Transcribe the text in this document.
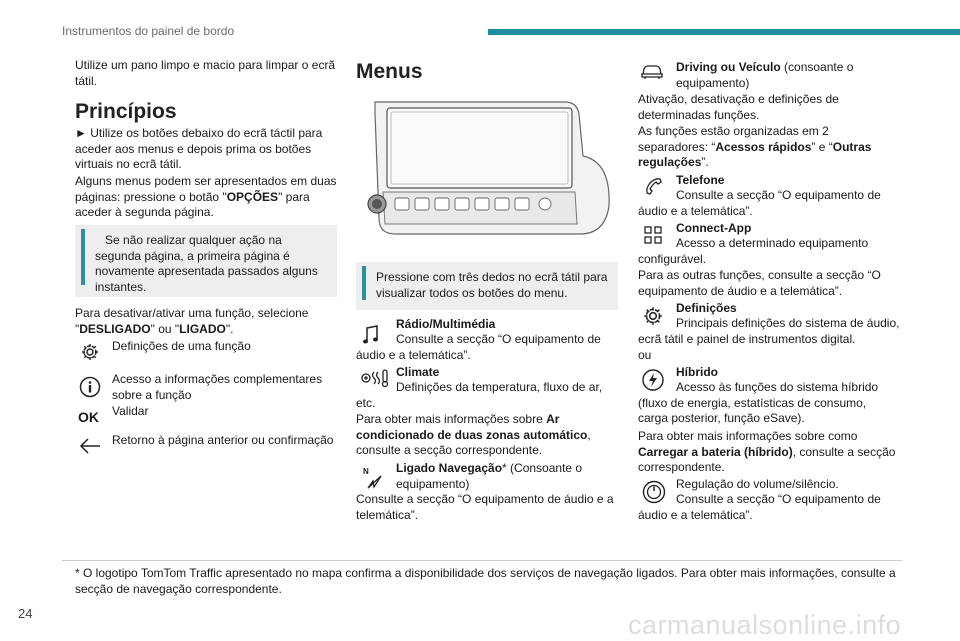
Instrumentos do painel de bordo

Utilize um pano limpo e macio para limpar o ecrã tátil.

Princípios

► Utilize os botões debaixo do ecrã táctil para aceder aos menus e depois prima os botões virtuais no ecrã tátil.

Alguns menus podem ser apresentados em duas páginas: pressione o botão "OPÇÕES" para aceder à segunda página.

Se não realizar qualquer ação na segunda página, a primeira página é novamente apresentada passados alguns instantes.

Para desativar/ativar uma função, selecione "DESLIGADO" ou "LIGADO".

Definições de uma função

Acesso a informações complementares sobre a função

OK Validar

Retorno à página anterior ou confirmação

Menus

Pressione com três dedos no ecrã tátil para visualizar todos os botões do menu.

Rádio/Multimédia

Consulte a secção “O equipamento de áudio e a telemática”.

Climate

Definições da temperatura, fluxo de ar, etc.

Para obter mais informações sobre Ar condicionado de duas zonas automático, consulte a secção correspondente.

N Ligado Navegação* (Consoante o equipamento)

Consulte a secção “O equipamento de áudio e a telemática”.

Driving ou Veículo (consoante o equipamento)

Ativação, desativação e definições de determinadas funções.

As funções estão organizadas em 2 separadores: “Acessos rápidos” e “Outras regulações”.

Telefone

Consulte a secção “O equipamento de áudio e a telemática”.

Connect-App

Acesso a determinado equipamento configurável.

Para as outras funções, consulte a secção “O equipamento de áudio e a telemática”.

Definições

Principais definições do sistema de áudio, ecrã tátil e painel de instrumentos digital.

ou

Híbrido

Acesso às funções do sistema híbrido (fluxo de energia, estatísticas de consumo, carga posterior, função eSave).

Para obter mais informações sobre como Carregar a bateria (híbrido), consulte a secção correspondente.

Regulação do volume/silêncio.

Consulte a secção “O equipamento de áudio e a telemática”.

* O logotipo TomTom Traffic apresentado no mapa confirma a disponibilidade dos serviços de navegação ligados. Para obter mais informações, consulte a secção de navegação correspondente.

24	carmanualsonline.info
